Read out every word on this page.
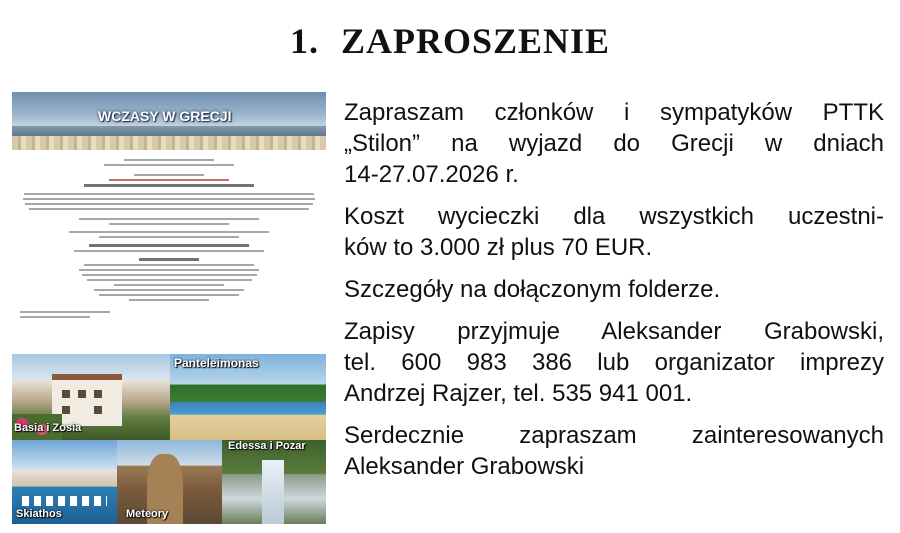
1. ZAPROSZENIE
WCZASY W GRECJI
Panteleimonas
Basia i Zosia
Edessa i Pozar
Skiathos	Meteory

Zapraszam członków i sympatyków PTTK
„Stilon” na wyjazd do Grecji w dniach
14-27.07.2026 r.

Koszt wycieczki dla wszystkich uczestni-
ków to 3.000 zł plus 70 EUR.

Szczegóły na dołączonym folderze.

Zapisy przyjmuje Aleksander Grabowski,
tel. 600 983 386 lub organizator imprezy
Andrzej Rajzer, tel. 535 941 001.

Serdecznie zapraszam zainteresowanych
Aleksander Grabowski
